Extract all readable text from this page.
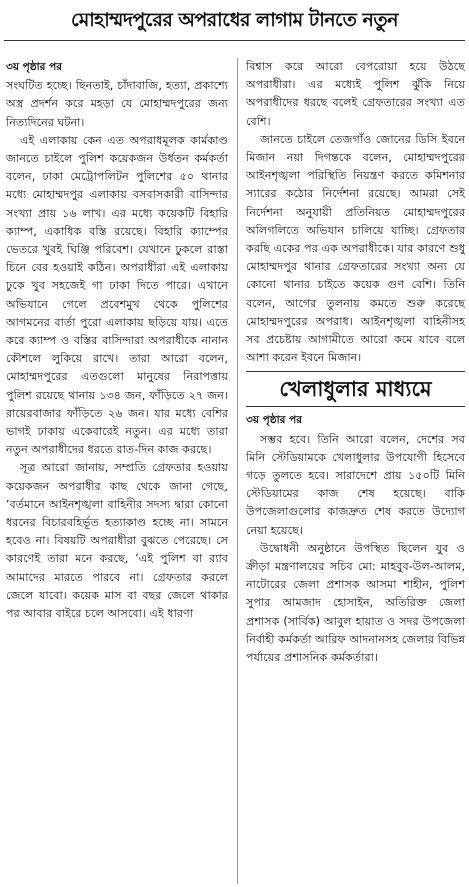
মোহাম্মদপুরের অপরাধের লাগাম টানতে নতুন

৩য় পৃষ্ঠার পর

সংঘটিত হচ্ছে। ছিনতাই, চাঁদাবাজি, হত্যা, প্রকাশ্যে অস্ত্র প্রদর্শন করে মহড়া যে মোহাম্মদপুরের জন্য নিত্যদিনের ঘটনা।

এই এলাকায় কেন এত অপরাধমূলক কার্মকাণ্ড জানতে চাইলে পুলিশ কয়েকজন উর্ধতন কর্মকর্তা বলেন, ঢাকা মেট্রোপলিটন পুলিশের ৫০ থানার মধ্যে মোহাম্মদপুর এলাকায় বসবাসকারী বাসিন্দার সংখ্যা প্রায় ১৬ লাখ। এর মধ্যে কয়েকটি বিহারি ক্যাম্প, একাধিক বস্তি রয়েছে। বিহারি ক্যাম্পের ভেতরে খুবই ঘিঞ্জি পরিবেশ। যেখানে ঢুকলে রাস্তা চিনে বের হওয়াই কঠিন। অপরাধীরা এই এলাকায় ঢুকে খুব সহজেই গা ঢাকা দিতে পারে। এখানে অভিযানে গেলে প্রবেশমুখ থেকে পুলিশের আগমনের বার্তা পুরো এলাকায় ছড়িয়ে যায়। এতে করে ক্যাম্প ও বস্তির বাসিন্দারা অপরাধীকে নানান কৌশলে লুকিয়ে রাখে। তারা আরো বলেন, মোহাম্মদপুরের এতগুলো মানুষের নিরাপত্তায় পুলিশ রয়েছে থানায় ১৩৪ জন, ফাঁড়িতে ২৭ জন। রায়েরবাজার ফাঁড়িতে ২৬ জন। যার মধ্যে বেশির ভাগই ঢাকায় একেবারেই নতুন। এর মধ্যে তারা নতুন অপরাধীদের ধরতে রাত-দিন কাজ করছে।

সূত্র আরো জানায়, সম্প্রতি গ্রেফতার হওয়ায় কয়েকজন অপরাধীর কাছ থেকে জানা গেছে, ‘বর্তমানে আইনশৃঙ্খলা বাহিনীর সদস্য দ্বারা কোনো ধরনের বিচারবহির্ভূত হত্যাকাণ্ড হচ্ছে না। সামনে হবেও না। বিষয়টি অপরাধীরা বুঝতে পেরেছে। সে কারণেই তারা মনে করছে, ‘এই পুলিশ বা র‍্যাব আমাদের মারতে পারবে না। গ্রেফতার করলে জেলে যাবো। কয়েক মাস বা বছর জেলে থাকার পর আবার বাইরে চলে আসবো। এই ধারণা

বিশ্বাস করে আরো বেপরোয়া হয়ে উঠছে অপরাধীরা। এর মধ্যেই পুলিশ ঝুঁকি নিয়ে অপরাধীদের ধরছে বলেই গ্রেফতারের সংখ্যা এত বেশি।

জানতে চাইলে তেজগাঁও জোনের ডিসি ইবনে মিজান নয়া দিগন্তকে বলেন, মোহাম্মদপুরের আইনশৃঙ্খলা পরিস্থিতি নিয়ন্ত্রণ করতে কমিশনার স্যারের কঠোর নির্দেশনা রয়েছে। আমরা সেই নির্দেশনা অনুযায়ী প্রতিনিয়ত মোহাম্মদপুরের অলিগলিতে অভিযান চালিয়ে যাচ্ছি। গ্রেফতার করছি একের পর এক অপরাধীকে। যার কারণে শুধু মোহাম্মদপুর থানার গ্রেফতারের সংখ্যা অন্য যে কোনো থানার চাইতে কয়েক গুণ বেশি। তিনি বলেন, আগের তুলনায় কমতে শুরু করেছে মোহাম্মদপুরের অপরাধ। আইনশৃঙ্খলা বাহিনীসহ সব প্রচেষ্টায় আগামীতে আরো কমে যাবে বলে আশা করেন ইবনে মিজান।

খেলাধুলার মাধ্যমে

৩য় পৃষ্ঠার পর

সম্ভব হবে। তিনি আরো বলেন, দেশের সব মিনি স্টেডিয়ামকে খেলাধুলার উপযোগী হিসেবে গড়ে তুলতে হবে। সারাদেশে প্রায় ১৫০টি মিনি স্টেডিয়ামের কাজ শেষ হয়েছে। বাকি উপজেলাগুলোর কাজদ্রুত শেষ করতে উদ্যোগ নেয়া হয়েছে।

উদ্বোধনী অনুষ্ঠানে উপস্থিত ছিলেন যুব ও ক্রীড়া মন্ত্রণালয়ের সচিব মো: মাহবুব-উল-আলম, নাটোরের জেলা প্রশাসক আসমা শাহীন, পুলিশ সুপার আমজাদ হোসাইন, অতিরিক্ত জেলা প্রশাসক (সার্বিক) আবুল হায়াত ও সদর উপজেলা নির্বাহী কর্মকর্তা আরিফ আদনানসহ জেলার বিভিন্ন পর্যায়ের প্রশাসনিক কর্মকর্তারা।
